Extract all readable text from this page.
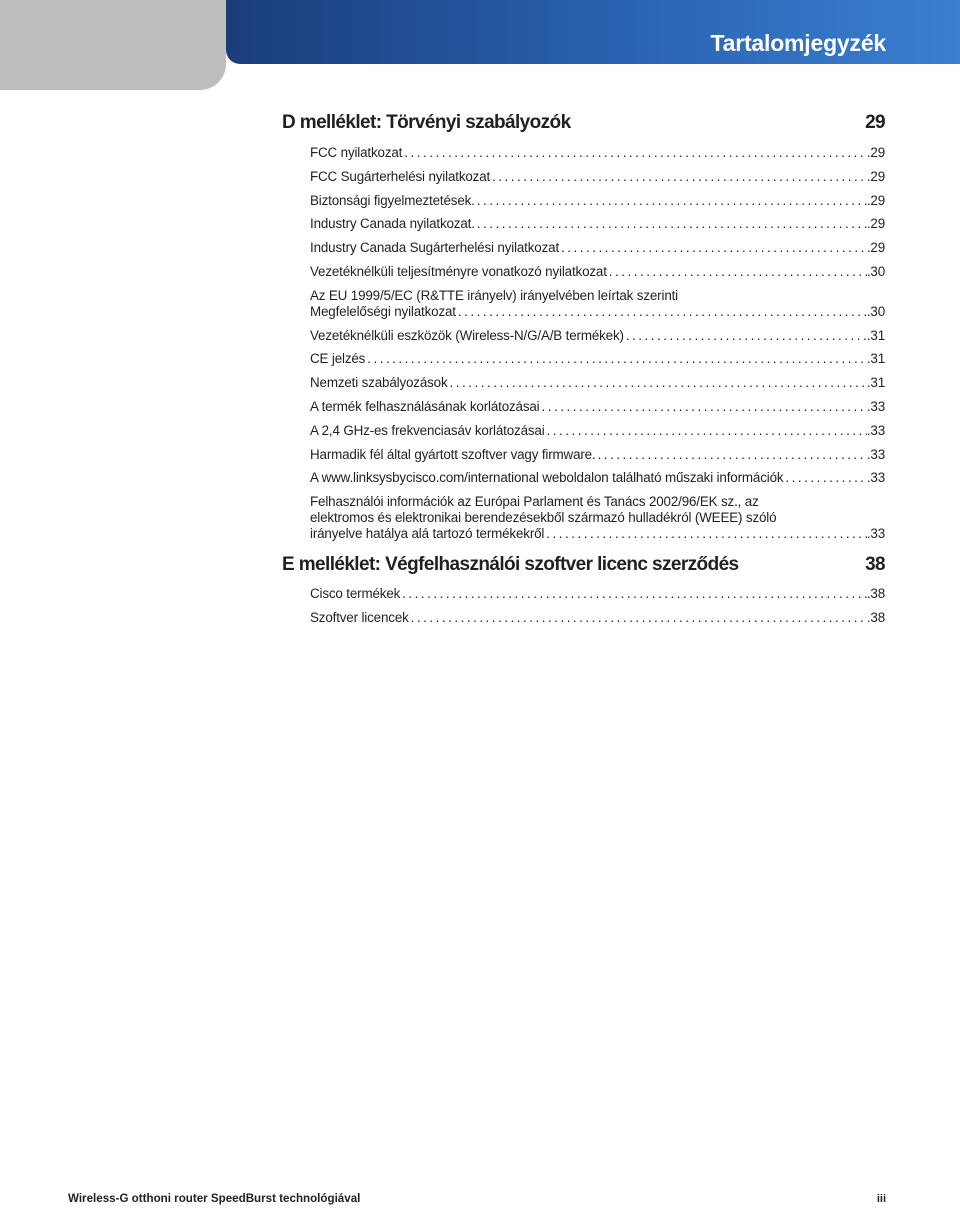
Tartalomjegyzék
D melléklet: Törvényi szabályozók	29
FCC nyilatkozat . . .	.29
FCC Sugárterhelési nyilatkozat . . .	.29
Biztonsági figyelmeztetések. . . .	.29
Industry Canada nyilatkozat. . . .	.29
Industry Canada Sugárterhelési nyilatkozat . . .	.29
Vezetéknélküli teljesítményre vonatkozó nyilatkozat . . .	.30
Az EU 1999/5/EC (R&TTE irányelv) irányelvében leírtak szerinti
Megfelelőségi nyilatkozat . . .	.30
Vezetéknélküli eszközök (Wireless-N/G/A/B termékek) . . .	.31
CE jelzés . . .	.31
Nemzeti szabályozások . . .	.31
A termék felhasználásának korlátozásai . . .	.33
A 2,4 GHz-es frekvenciasáv korlátozásai . . .	.33
Harmadik fél által gyártott szoftver vagy firmware. . . .	.33
A www.linksysbycisco.com/international weboldalon található műszaki információk . . .	.33
Felhasználói információk az Európai Parlament és Tanács 2002/96/EK sz., az
elektromos és elektronikai berendezésekből származó hulladékról (WEEE) szóló
irányelve hatálya alá tartozó termékekről . . .	.33
E melléklet: Végfelhasználói szoftver licenc szerződés	38
Cisco termékek . . .	.38
Szoftver licencek . . .	.38
Wireless-G otthoni router SpeedBurst technológiával	iii
